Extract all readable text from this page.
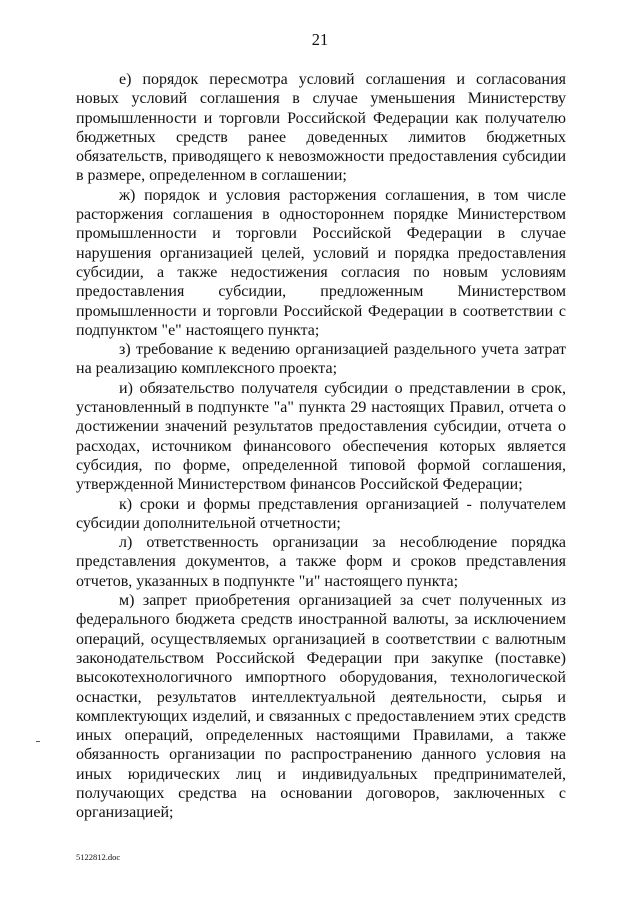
21

е) порядок пересмотра условий соглашения и согласования новых условий соглашения в случае уменьшения Министерству промышленности и торговли Российской Федерации как получателю бюджетных средств ранее доведенных лимитов бюджетных обязательств, приводящего к невозможности предоставления субсидии в размере, определенном в соглашении;

ж) порядок и условия расторжения соглашения, в том числе расторжения соглашения в одностороннем порядке Министерством промышленности и торговли Российской Федерации в случае нарушения организацией целей, условий и порядка предоставления субсидии, а также недостижения согласия по новым условиям предоставления субсидии, предложенным Министерством промышленности и торговли Российской Федерации в соответствии с подпунктом "е" настоящего пункта;

з) требование к ведению организацией раздельного учета затрат на реализацию комплексного проекта;

и) обязательство получателя субсидии о представлении в срок, установленный в подпункте "а" пункта 29 настоящих Правил, отчета о достижении значений результатов предоставления субсидии, отчета о расходах, источником финансового обеспечения которых является субсидия, по форме, определенной типовой формой соглашения, утвержденной Министерством финансов Российской Федерации;

к) сроки и формы представления организацией - получателем субсидии дополнительной отчетности;

л) ответственность организации за несоблюдение порядка представления документов, а также форм и сроков представления отчетов, указанных в подпункте "и" настоящего пункта;

м) запрет приобретения организацией за счет полученных из федерального бюджета средств иностранной валюты, за исключением операций, осуществляемых организацией в соответствии с валютным законодательством Российской Федерации при закупке (поставке) высокотехнологичного импортного оборудования, технологической оснастки, результатов интеллектуальной деятельности, сырья и комплектующих изделий, и связанных с предоставлением этих средств иных операций, определенных настоящими Правилами, а также обязанность организации по распространению данного условия на иных юридических лиц и индивидуальных предпринимателей, получающих средства на основании договоров, заключенных с организацией;

5122812.doc
